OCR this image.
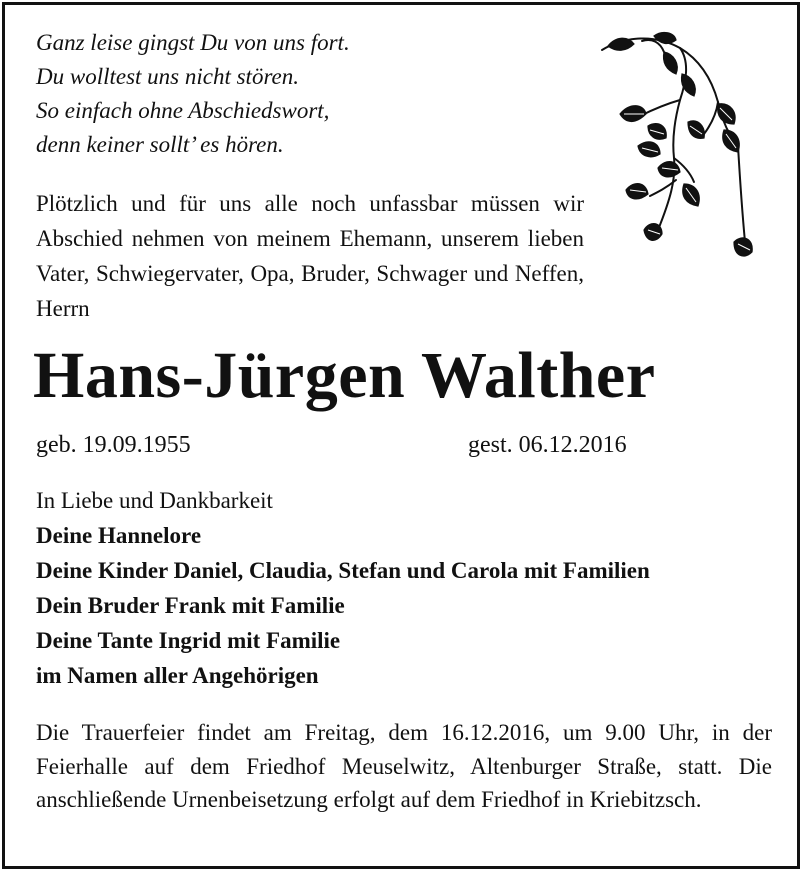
Ganz leise gingst Du von uns fort.
Du wolltest uns nicht stören.
So einfach ohne Abschiedswort,
denn keiner sollt’ es hören.
Plötzlich und für uns alle noch unfassbar müssen wir Abschied nehmen von meinem Ehemann, unserem lieben Vater, Schwiegervater, Opa, Bruder, Schwager und Neffen, Herrn
Hans-Jürgen Walther
geb. 19.09.1955	gest. 06.12.2016
In Liebe und Dankbarkeit
Deine Hannelore
Deine Kinder Daniel, Claudia, Stefan und Carola mit Familien
Dein Bruder Frank mit Familie
Deine Tante Ingrid mit Familie
im Namen aller Angehörigen
Die Trauerfeier findet am Freitag, dem 16.12.2016, um 9.00 Uhr, in der Feierhalle auf dem Friedhof Meuselwitz, Altenburger Straße, statt. Die anschließende Urnenbeisetzung erfolgt auf dem Friedhof in Kriebitzsch.
